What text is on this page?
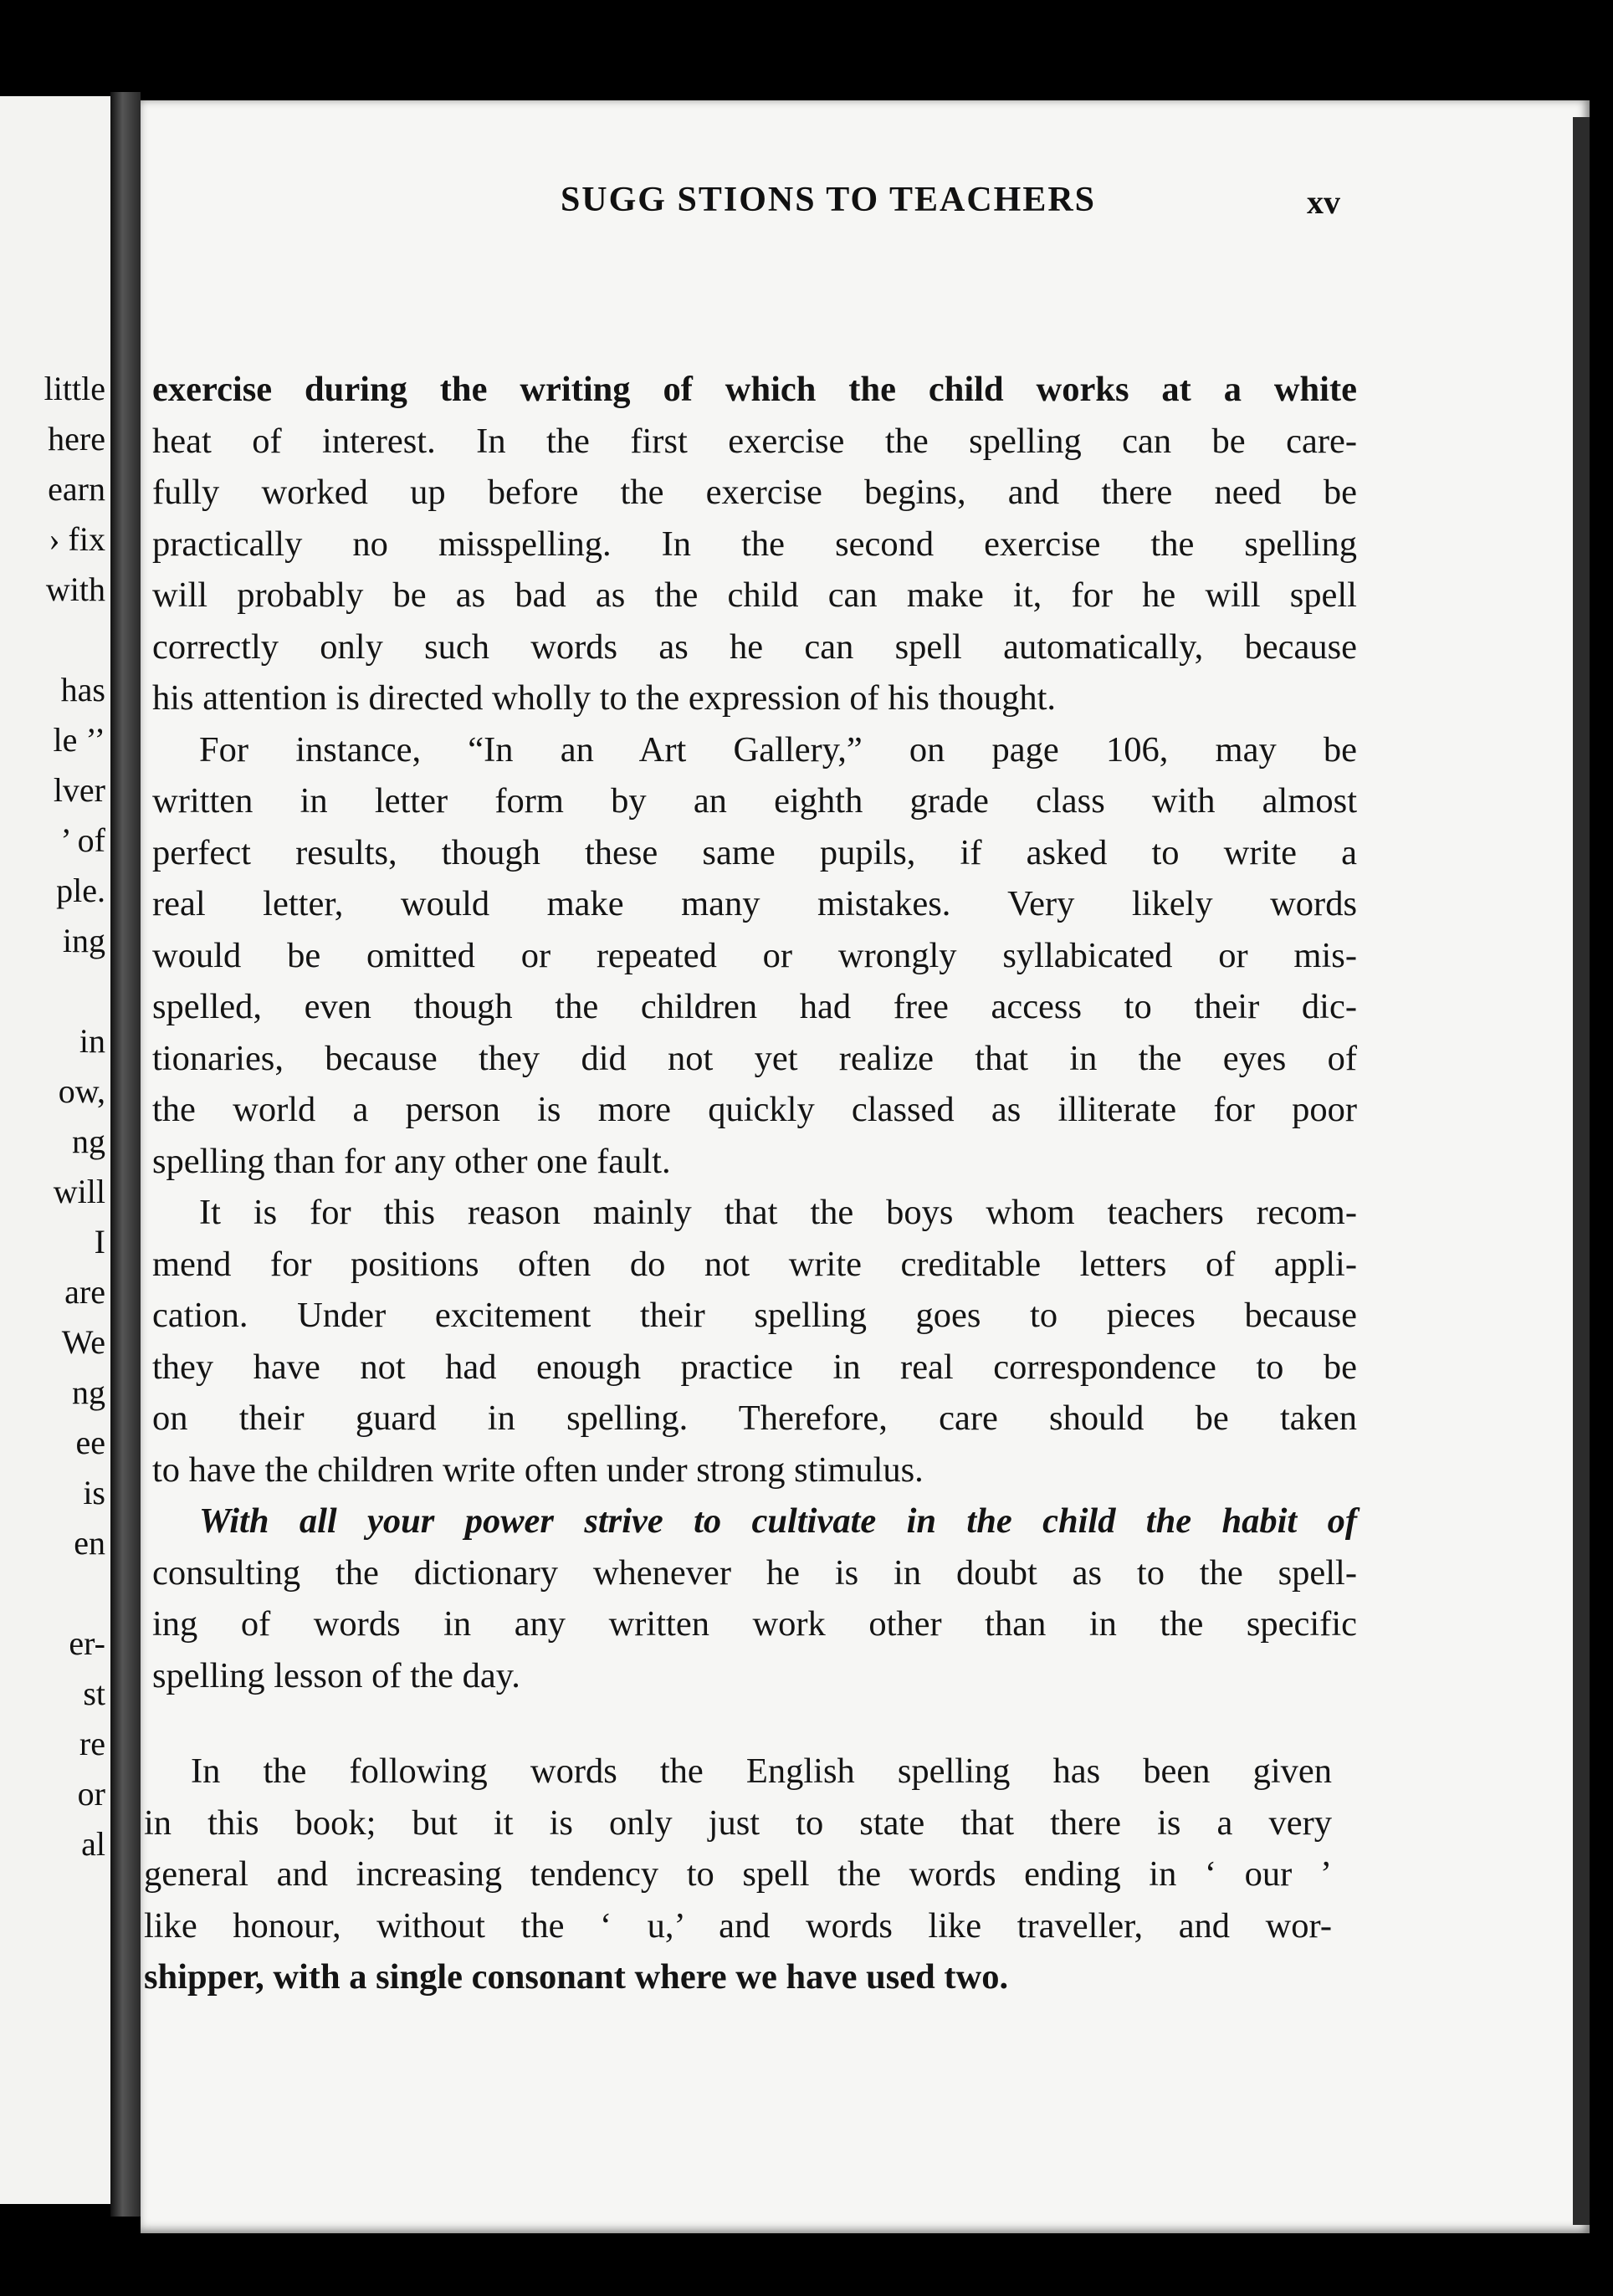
little
here
earn
› fix
with
has
le ’’
lver
’ of
ple.
ing
in
ow,
ng
will
I
are
We
ng
ee
is
en
er-
st
re
or
al
SUGG STIONS TO TEACHERS	xv
exercise during the writing of which the child works at a white
heat of interest. In the first exercise the spelling can be care-
fully worked up before the exercise begins, and there need be
practically no misspelling. In the second exercise the spelling
will probably be as bad as the child can make it, for he will spell
correctly only such words as he can spell automatically, because
his attention is directed wholly to the expression of his thought.
For instance, “In an Art Gallery,” on page 106, may be
written in letter form by an eighth grade class with almost
perfect results, though these same pupils, if asked to write a
real letter, would make many mistakes. Very likely words
would be omitted or repeated or wrongly syllabicated or mis-
spelled, even though the children had free access to their dic-
tionaries, because they did not yet realize that in the eyes of
the world a person is more quickly classed as illiterate for poor
spelling than for any other one fault.
It is for this reason mainly that the boys whom teachers recom-
mend for positions often do not write creditable letters of appli-
cation. Under excitement their spelling goes to pieces because
they have not had enough practice in real correspondence to be
on their guard in spelling. Therefore, care should be taken
to have the children write often under strong stimulus.
With all your power strive to cultivate in the child the habit of
consulting the dictionary whenever he is in doubt as to the spell-
ing of words in any written work other than in the specific
spelling lesson of the day.
In the following words the English spelling has been given
in this book; but it is only just to state that there is a very
general and increasing tendency to spell the words ending in ‘ our ’
like honour, without the ‘ u,’ and words like traveller, and wor-
shipper, with a single consonant where we have used two.
